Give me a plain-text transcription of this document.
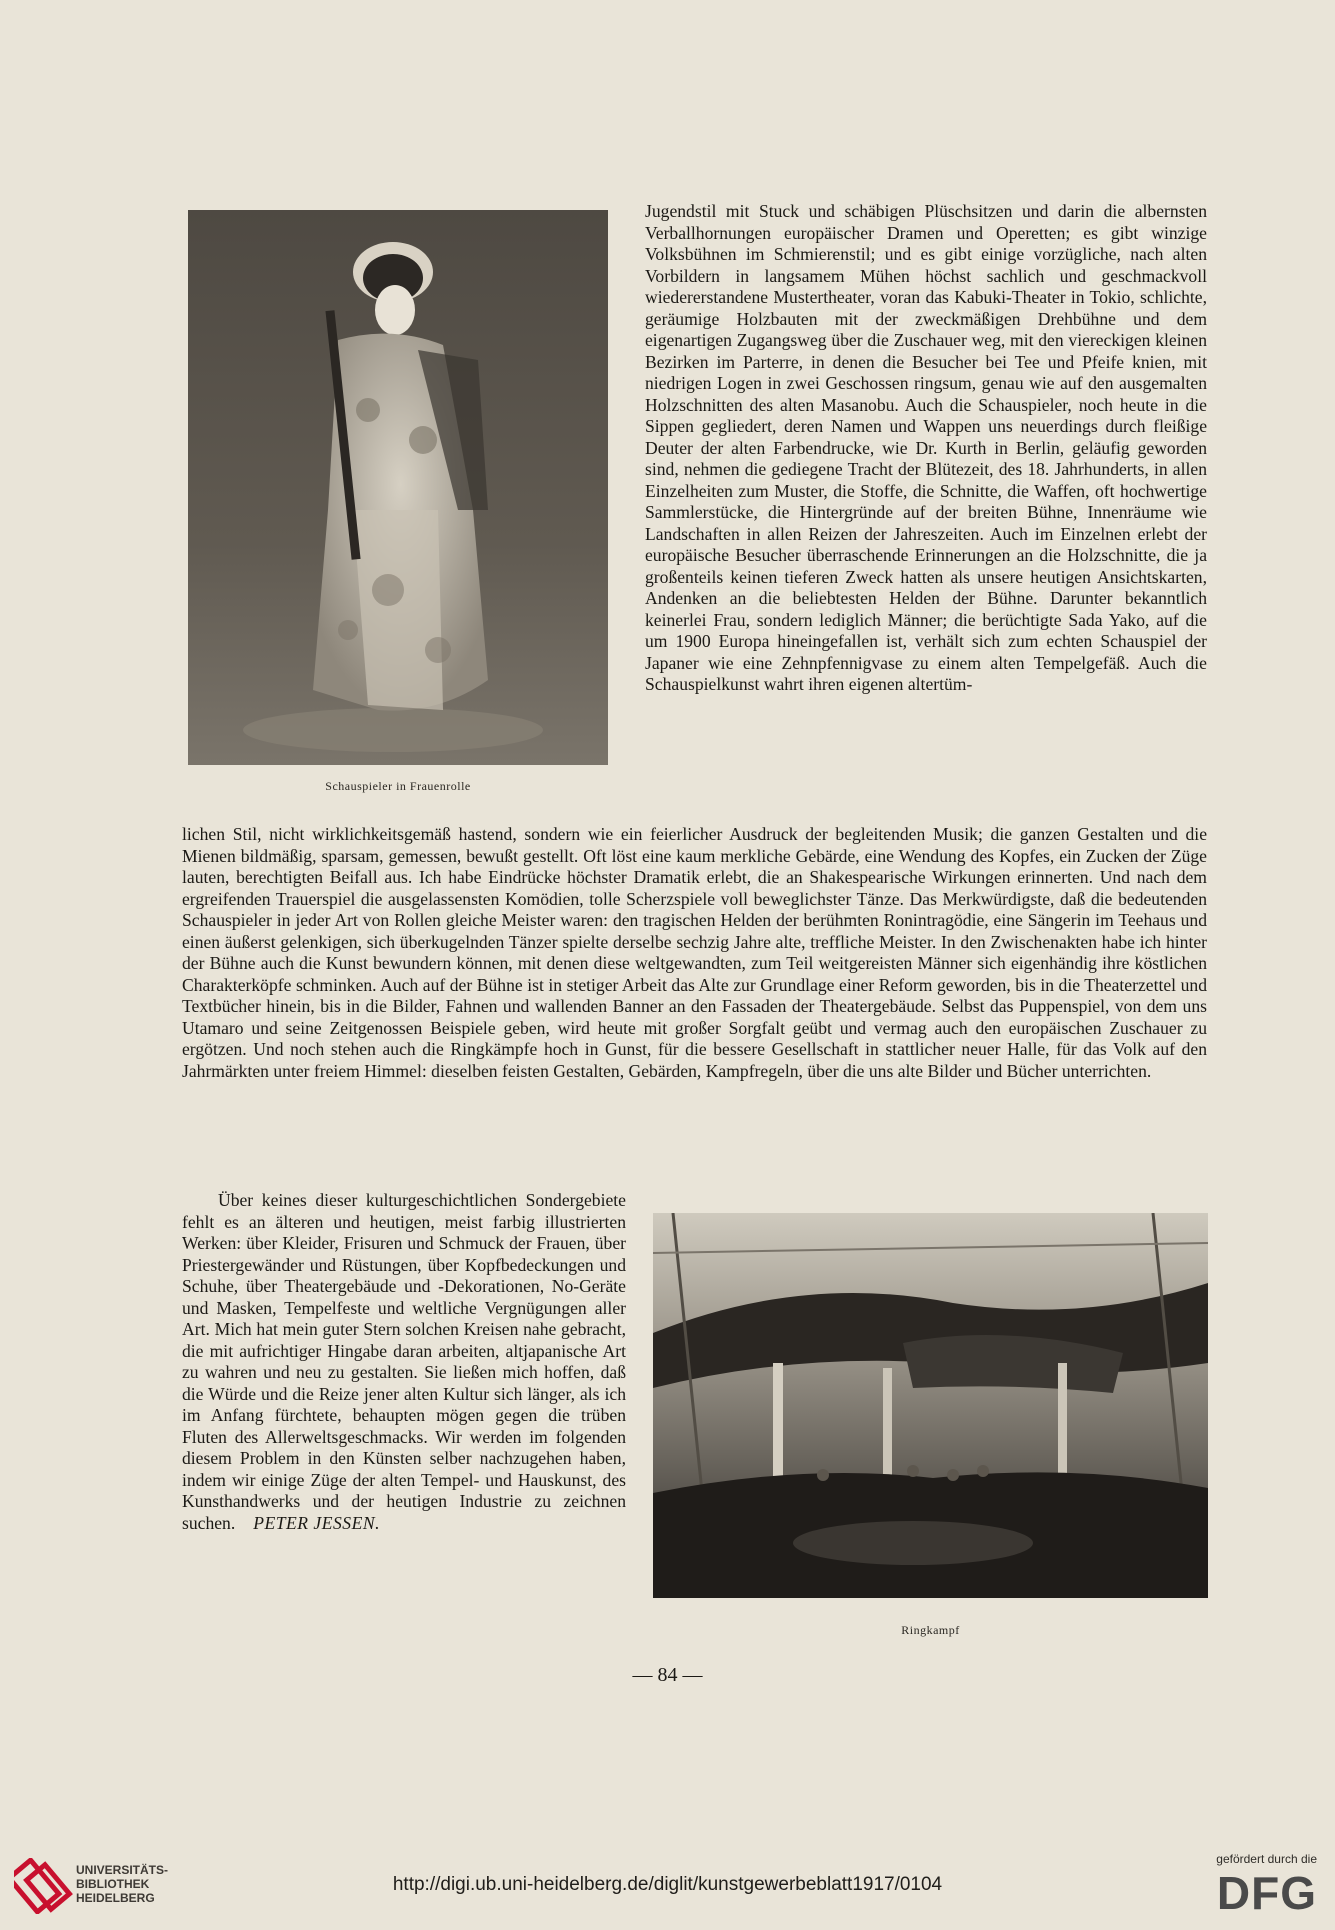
Schauspieler in Frauenrolle

Jugendstil mit Stuck und schäbigen Plüschsitzen und darin die albernsten Verballhornungen europäischer Dramen und Operetten; es gibt winzige Volksbühnen im Schmierenstil; und es gibt einige vorzügliche, nach alten Vorbildern in langsamem Mühen höchst sachlich und geschmackvoll wiedererstandene Mustertheater, voran das Kabuki-Theater in Tokio, schlichte, geräumige Holzbauten mit der zweckmäßigen Drehbühne und dem eigenartigen Zugangsweg über die Zuschauer weg, mit den viereckigen kleinen Bezirken im Parterre, in denen die Besucher bei Tee und Pfeife knien, mit niedrigen Logen in zwei Geschossen ringsum, genau wie auf den ausgemalten Holzschnitten des alten Masanobu. Auch die Schauspieler, noch heute in die Sippen gegliedert, deren Namen und Wappen uns neuerdings durch fleißige Deuter der alten Farbendrucke, wie Dr. Kurth in Berlin, geläufig geworden sind, nehmen die gediegene Tracht der Blütezeit, des 18. Jahrhunderts, in allen Einzelheiten zum Muster, die Stoffe, die Schnitte, die Waffen, oft hochwertige Sammlerstücke, die Hintergründe auf der breiten Bühne, Innenräume wie Landschaften in allen Reizen der Jahreszeiten. Auch im Einzelnen erlebt der europäische Besucher überraschende Erinnerungen an die Holzschnitte, die ja großenteils keinen tieferen Zweck hatten als unsere heutigen Ansichtskarten, Andenken an die beliebtesten Helden der Bühne. Darunter bekanntlich keinerlei Frau, sondern lediglich Männer; die berüchtigte Sada Yako, auf die um 1900 Europa hineingefallen ist, verhält sich zum echten Schauspiel der Japaner wie eine Zehnpfennigvase zu einem alten Tempelgefäß. Auch die Schauspielkunst wahrt ihren eigenen altertüm-

lichen Stil, nicht wirklichkeitsgemäß hastend, sondern wie ein feierlicher Ausdruck der begleitenden Musik; die ganzen Gestalten und die Mienen bildmäßig, sparsam, gemessen, bewußt gestellt. Oft löst eine kaum merkliche Gebärde, eine Wendung des Kopfes, ein Zucken der Züge lauten, berechtigten Beifall aus. Ich habe Eindrücke höchster Dramatik erlebt, die an Shakespearische Wirkungen erinnerten. Und nach dem ergreifenden Trauerspiel die ausgelassensten Komödien, tolle Scherzspiele voll beweglichster Tänze. Das Merkwürdigste, daß die bedeutenden Schauspieler in jeder Art von Rollen gleiche Meister waren: den tragischen Helden der berühmten Ronintragödie, eine Sängerin im Teehaus und einen äußerst gelenkigen, sich überkugelnden Tänzer spielte derselbe sechzig Jahre alte, treffliche Meister. In den Zwischenakten habe ich hinter der Bühne auch die Kunst bewundern können, mit denen diese weltgewandten, zum Teil weitgereisten Männer sich eigenhändig ihre köstlichen Charakterköpfe schminken. Auch auf der Bühne ist in stetiger Arbeit das Alte zur Grundlage einer Reform geworden, bis in die Theaterzettel und Textbücher hinein, bis in die Bilder, Fahnen und wallenden Banner an den Fassaden der Theatergebäude. Selbst das Puppenspiel, von dem uns Utamaro und seine Zeitgenossen Beispiele geben, wird heute mit großer Sorgfalt geübt und vermag auch den europäischen Zuschauer zu ergötzen. Und noch stehen auch die Ringkämpfe hoch in Gunst, für die bessere Gesellschaft in stattlicher neuer Halle, für das Volk auf den Jahrmärkten unter freiem Himmel: dieselben feisten Gestalten, Gebärden, Kampfregeln, über die uns alte Bilder und Bücher unterrichten.

Über keines dieser kulturgeschichtlichen Sondergebiete fehlt es an älteren und heutigen, meist farbig illustrierten Werken: über Kleider, Frisuren und Schmuck der Frauen, über Priestergewänder und Rüstungen, über Kopfbedeckungen und Schuhe, über Theatergebäude und -Dekorationen, No-Geräte und Masken, Tempelfeste und weltliche Vergnügungen aller Art. Mich hat mein guter Stern solchen Kreisen nahe gebracht, die mit aufrichtiger Hingabe daran arbeiten, altjapanische Art zu wahren und neu zu gestalten. Sie ließen mich hoffen, daß die Würde und die Reize jener alten Kultur sich länger, als ich im Anfang fürchtete, behaupten mögen gegen die trüben Fluten des Allerweltsgeschmacks. Wir werden im folgenden diesem Problem in den Künsten selber nachzugehen haben, indem wir einige Züge der alten Tempel- und Hauskunst, des Kunsthandwerks und der heutigen Industrie zu zeichnen suchen. PETER JESSEN.

Ringkampf
— 84 —
UNIVERSITÄTS-
BIBLIOTHEK
HEIDELBERG
http://digi.ub.uni-heidelberg.de/diglit/kunstgewerbeblatt1917/0104
gefördert durch die
DFG
